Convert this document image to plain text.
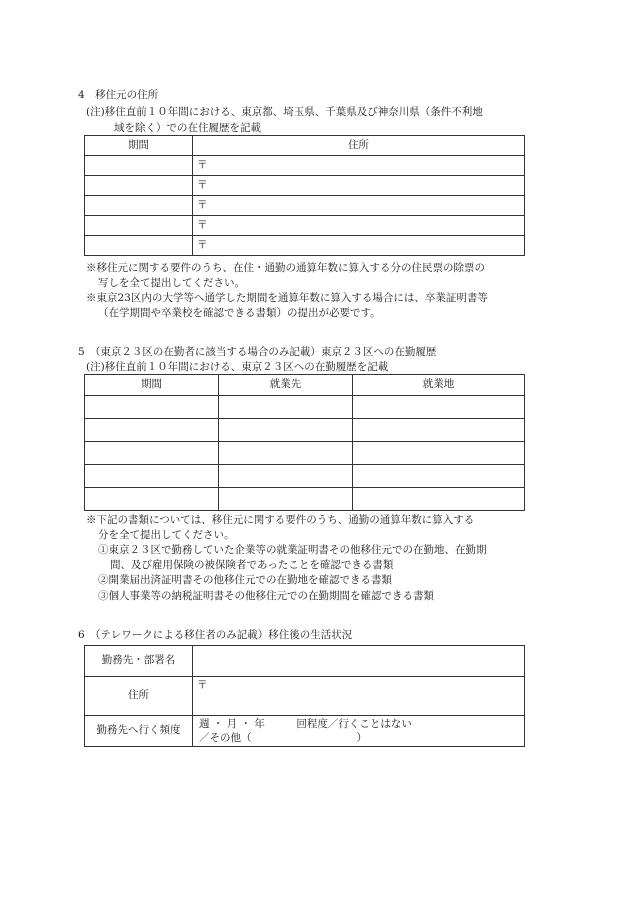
4　移住元の住所
(注)移住直前１０年間における、東京都、埼玉県、千葉県及び神奈川県（条件不利地
域を除く）での在住履歴を記載
期間	住所
	〒
	〒
	〒
	〒
	〒
※移住元に関する要件のうち、在住・通勤の通算年数に算入する分の住民票の除票の
写しを全て提出してください。
※東京23区内の大学等へ通学した期間を通算年数に算入する場合には、卒業証明書等
（在学期間や卒業校を確認できる書類）の提出が必要です。
5　（東京２３区の在勤者に該当する場合のみ記載）東京２３区への在勤履歴
(注)移住直前１０年間における、東京２３区への在勤履歴を記載
期間	就業先	就業地

※下記の書類については、移住元に関する要件のうち、通勤の通算年数に算入する
分を全て提出してください。
①東京２３区で勤務していた企業等の就業証明書その他移住元での在勤地、在勤期
間、及び雇用保険の被保険者であったことを確認できる書類
②開業届出済証明書その他移住元での在勤地を確認できる書類
③個人事業等の納税証明書その他移住元での在勤期間を確認できる書類
6　（テレワークによる移住者のみ記載）移住後の生活状況
勤務先・部署名	
住所	〒
勤務先へ行く頻度	週 ・ 月 ・ 年　　　回程度／行くことはない
／その他（　　　　　　　　　　）
